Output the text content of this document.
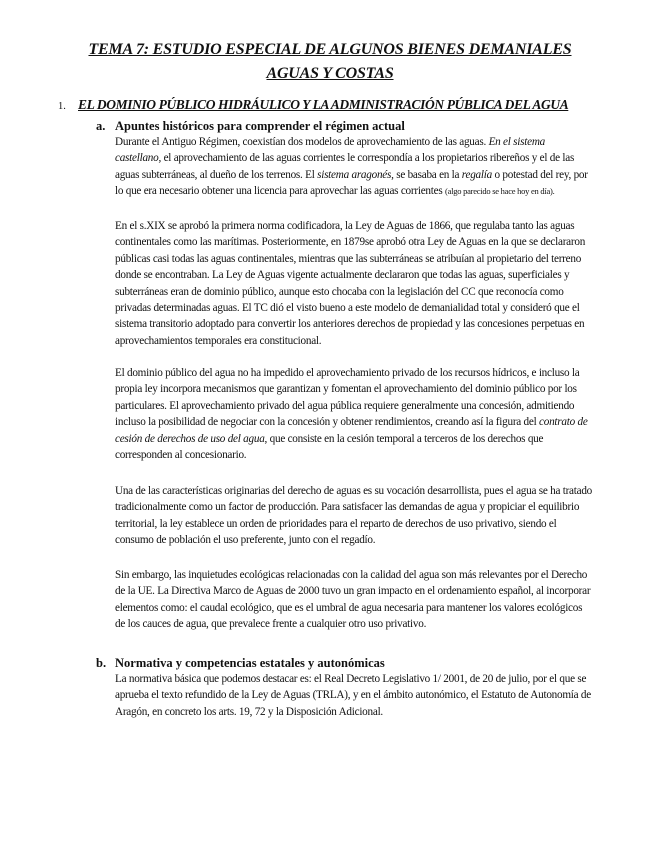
TEMA 7: ESTUDIO ESPECIAL DE ALGUNOS BIENES DEMANIALES
AGUAS Y COSTAS
1. EL DOMINIO PÚBLICO HIDRÁULICO Y LA ADMINISTRACIÓN PÚBLICA DEL AGUA
a. Apuntes históricos para comprender el régimen actual

Durante el Antiguo Régimen, coexistían dos modelos de aprovechamiento de las aguas. En el sistema castellano, el aprovechamiento de las aguas corrientes le correspondía a los propietarios ribereños y el de las aguas subterráneas, al dueño de los terrenos. El sistema aragonés, se basaba en la regalía o potestad del rey, por lo que era necesario obtener una licencia para aprovechar las aguas corrientes (algo parecido se hace hoy en día).

En el s.XIX se aprobó la primera norma codificadora, la Ley de Aguas de 1866, que regulaba tanto las aguas continentales como las marítimas. Posteriormente, en 1879se aprobó otra Ley de Aguas en la que se declararon públicas casi todas las aguas continentales, mientras que las subterráneas se atribuían al propietario del terreno donde se encontraban. La Ley de Aguas vigente actualmente declararon que todas las aguas, superficiales y subterráneas eran de dominio público, aunque esto chocaba con la legislación del CC que reconocía como privadas determinadas aguas. El TC dió el visto bueno a este modelo de demanialidad total y consideró que el sistema transitorio adoptado para convertir los anteriores derechos de propiedad y las concesiones perpetuas en aprovechamientos temporales era constitucional.

El dominio público del agua no ha impedido el aprovechamiento privado de los recursos hídricos, e incluso la propia ley incorpora mecanismos que garantizan y fomentan el aprovechamiento del dominio público por los particulares. El aprovechamiento privado del agua pública requiere generalmente una concesión, admitiendo incluso la posibilidad de negociar con la concesión y obtener rendimientos, creando así la figura del contrato de cesión de derechos de uso del agua, que consiste en la cesión temporal a terceros de los derechos que corresponden al concesionario.

Una de las características originarias del derecho de aguas es su vocación desarrollista, pues el agua se ha tratado tradicionalmente como un factor de producción. Para satisfacer las demandas de agua y propiciar el equilibrio territorial, la ley establece un orden de prioridades para el reparto de derechos de uso privativo, siendo el consumo de población el uso preferente, junto con el regadío.

Sin embargo, las inquietudes ecológicas relacionadas con la calidad del agua son más relevantes por el Derecho de la UE. La Directiva Marco de Aguas de 2000 tuvo un gran impacto en el ordenamiento español, al incorporar elementos como: el caudal ecológico, que es el umbral de agua necesaria para mantener los valores ecológicos de los cauces de agua, que prevalece frente a cualquier otro uso privativo.

b. Normativa y competencias estatales y autonómicas

La normativa básica que podemos destacar es: el Real Decreto Legislativo 1/ 2001, de 20 de julio, por el que se aprueba el texto refundido de la Ley de Aguas (TRLA), y en el ámbito autonómico, el Estatuto de Autonomía de Aragón, en concreto los arts. 19, 72 y la Disposición Adicional.
